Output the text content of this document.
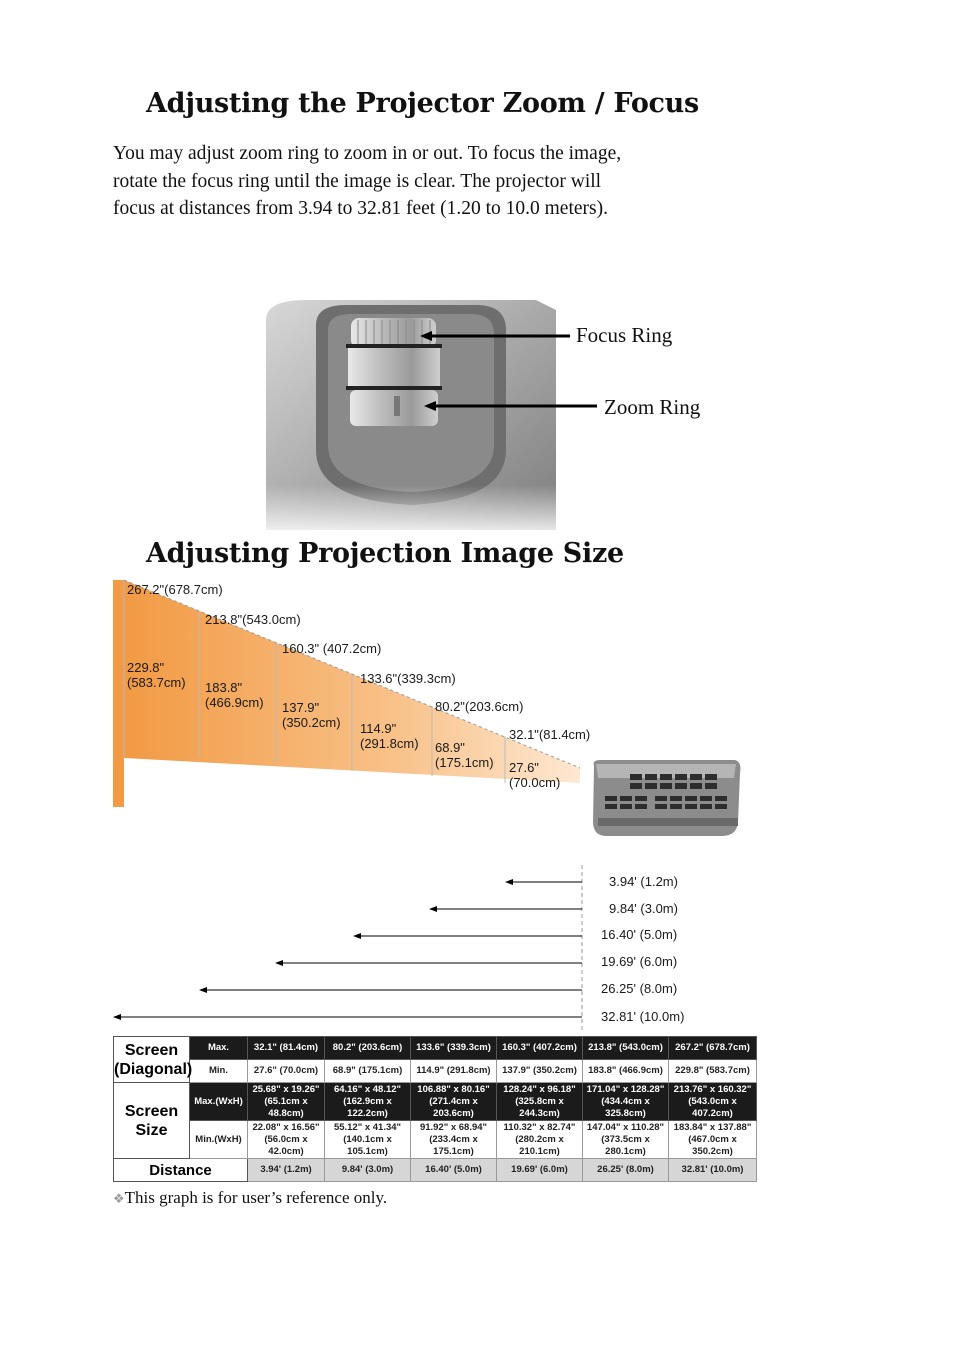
Adjusting the Projector Zoom / Focus
You may adjust zoom ring to zoom in or out. To focus the image,
rotate the focus ring until the image is clear. The projector will
focus at distances from 3.94 to 32.81 feet (1.20 to 10.0 meters).
Focus Ring
Zoom Ring
Adjusting Projection Image Size
267.2"(678.7cm)
213.8"(543.0cm)
160.3" (407.2cm)
133.6"(339.3cm)
80.2"(203.6cm)
32.1"(81.4cm)
229.8"
(583.7cm) 183.8"
(466.9cm) 137.9"
(350.2cm) 114.9"
(291.8cm) 68.9"
(175.1cm) 27.6"
(70.0cm)
3.94' (1.2m)
9.84' (3.0m)
16.40' (5.0m)
19.69' (6.0m)
26.25' (8.0m)
32.81' (10.0m)
Screen
(Diagonal)	Max.	32.1" (81.4cm)	80.2" (203.6cm)	133.6" (339.3cm)	160.3" (407.2cm)	213.8" (543.0cm)	267.2" (678.7cm)
	Min.	27.6" (70.0cm)	68.9" (175.1cm)	114.9" (291.8cm)	137.9" (350.2cm)	183.8" (466.9cm)	229.8" (583.7cm)
Screen
Size	Max.(WxH)	25.68" x 19.26"
(65.1cm x 48.8cm)	64.16" x 48.12"
(162.9cm x 122.2cm)	106.88" x 80.16"
(271.4cm x 203.6cm)	128.24" x 96.18"
(325.8cm x 244.3cm)	171.04" x 128.28"
(434.4cm x 325.8cm)	213.76" x 160.32"
(543.0cm x 407.2cm)
	Min.(WxH)	22.08" x 16.56"
(56.0cm x 42.0cm)	55.12" x 41.34"
(140.1cm x 105.1cm)	91.92" x 68.94"
(233.4cm x 175.1cm)	110.32" x 82.74"
(280.2cm x 210.1cm)	147.04" x 110.28"
(373.5cm x 280.1cm)	183.84" x 137.88"
(467.0cm x 350.2cm)
Distance		3.94' (1.2m)	9.84' (3.0m)	16.40' (5.0m)	19.69' (6.0m)	26.25' (8.0m)	32.81' (10.0m)
❖This graph is for user’s reference only.
